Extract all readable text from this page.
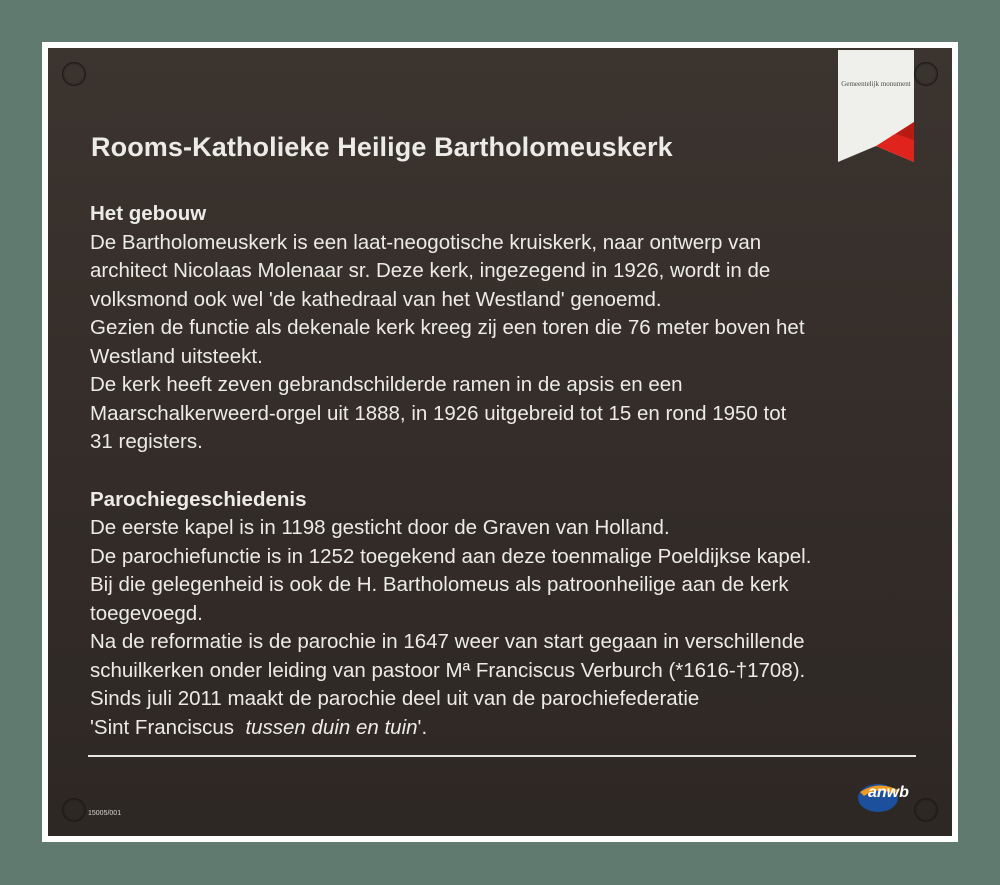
Gemeentelijk monument
Rooms-Katholieke Heilige Bartholomeuskerk
Het gebouw
De Bartholomeuskerk is een laat-neogotische kruiskerk, naar ontwerp van
architect Nicolaas Molenaar sr. Deze kerk, ingezegend in 1926, wordt in de
volksmond ook wel 'de kathedraal van het Westland' genoemd.
Gezien de functie als dekenale kerk kreeg zij een toren die 76 meter boven het
Westland uitsteekt.
De kerk heeft zeven gebrandschilderde ramen in de apsis en een
Maarschalkerweerd-orgel uit 1888, in 1926 uitgebreid tot 15 en rond 1950 tot
31 registers.
Parochiegeschiedenis
De eerste kapel is in 1198 gesticht door de Graven van Holland.
De parochiefunctie is in 1252 toegekend aan deze toenmalige Poeldijkse kapel.
Bij die gelegenheid is ook de H. Bartholomeus als patroonheilige aan de kerk
toegevoegd.
Na de reformatie is de parochie in 1647 weer van start gegaan in verschillende
schuilkerken onder leiding van pastoor Mª Franciscus Verburch (*1616-†1708).
Sinds juli 2011 maakt de parochie deel uit van de parochiefederatie
'Sint Franciscus  tussen duin en tuin'.
15005/001
anwb
